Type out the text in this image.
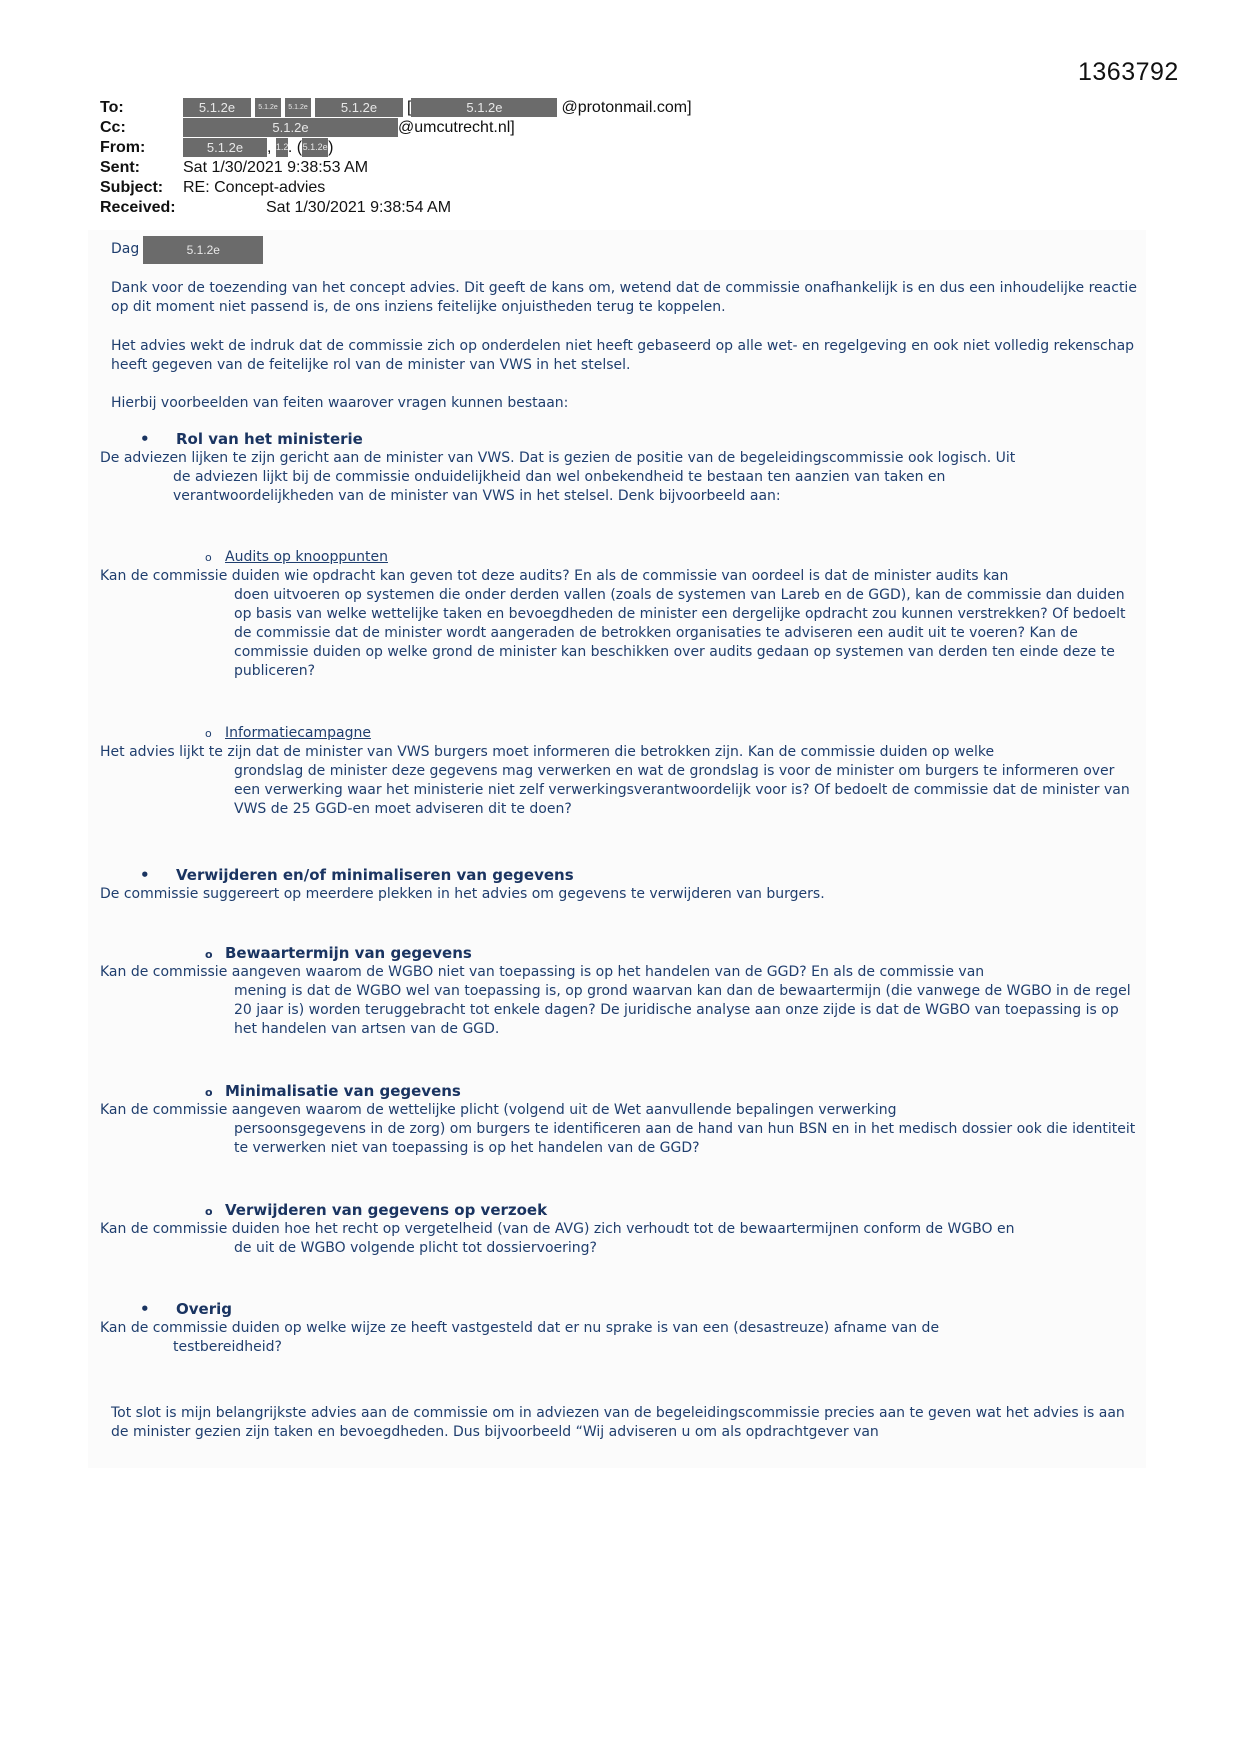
1363792
To:	5.1.2e	5.1.2e 5.1.2e	5.1.2e [	5.1.2e	@protonmail.com]
Cc:	5.1.2e	@umcutrecht.nl]
From:	5.1.2e , 1.2. (5.1.2e)
Sent:	Sat 1/30/2021 9:38:53 AM
Subject: RE: Concept-advies
Received:	Sat 1/30/2021 9:38:54 AM
Dag	5.1.2e
Dank voor de toezending van het concept advies. Dit geeft de kans om, wetend dat de commissie onafhankelijk is en dus een inhoudelijke reactie op dit moment niet passend is, de ons inziens feitelijke onjuistheden terug te koppelen.
Het advies wekt de indruk dat de commissie zich op onderdelen niet heeft gebaseerd op alle wet- en regelgeving en ook niet volledig rekenschap heeft gegeven van de feitelijke rol van de minister van VWS in het stelsel.
Hierbij voorbeelden van feiten waarover vragen kunnen bestaan:
• Rol van het ministerie
De adviezen lijken te zijn gericht aan de minister van VWS. Dat is gezien de positie van de begeleidingscommissie ook logisch. Uit
de adviezen lijkt bij de commissie onduidelijkheid dan wel onbekendheid te bestaan ten aanzien van taken en verantwoordelijkheden van de minister van VWS in het stelsel. Denk bijvoorbeeld aan:
o Audits op knooppunten
Kan de commissie duiden wie opdracht kan geven tot deze audits? En als de commissie van oordeel is dat de minister audits kan
doen uitvoeren op systemen die onder derden vallen (zoals de systemen van Lareb en de GGD), kan de commissie dan duiden op basis van welke wettelijke taken en bevoegdheden de minister een dergelijke opdracht zou kunnen verstrekken? Of bedoelt de commissie dat de minister wordt aangeraden de betrokken organisaties te adviseren een audit uit te voeren? Kan de commissie duiden op welke grond de minister kan beschikken over audits gedaan op systemen van derden ten einde deze te publiceren?
o Informatiecampagne
Het advies lijkt te zijn dat de minister van VWS burgers moet informeren die betrokken zijn. Kan de commissie duiden op welke
grondslag de minister deze gegevens mag verwerken en wat de grondslag is voor de minister om burgers te informeren over een verwerking waar het ministerie niet zelf verwerkingsverantwoordelijk voor is? Of bedoelt de commissie dat de minister van VWS de 25 GGD-en moet adviseren dit te doen?
• Verwijderen en/of minimaliseren van gegevens
De commissie suggereert op meerdere plekken in het advies om gegevens te verwijderen van burgers.
o Bewaartermijn van gegevens
Kan de commissie aangeven waarom de WGBO niet van toepassing is op het handelen van de GGD? En als de commissie van
mening is dat de WGBO wel van toepassing is, op grond waarvan kan dan de bewaartermijn (die vanwege de WGBO in de regel 20 jaar is) worden teruggebracht tot enkele dagen? De juridische analyse aan onze zijde is dat de WGBO van toepassing is op het handelen van artsen van de GGD.
o Minimalisatie van gegevens
Kan de commissie aangeven waarom de wettelijke plicht (volgend uit de Wet aanvullende bepalingen verwerking
persoonsgegevens in de zorg) om burgers te identificeren aan de hand van hun BSN en in het medisch dossier ook die identiteit te verwerken niet van toepassing is op het handelen van de GGD?
o Verwijderen van gegevens op verzoek
Kan de commissie duiden hoe het recht op vergetelheid (van de AVG) zich verhoudt tot de bewaartermijnen conform de WGBO en
de uit de WGBO volgende plicht tot dossiervoering?
• Overig
Kan de commissie duiden op welke wijze ze heeft vastgesteld dat er nu sprake is van een (desastreuze) afname van de
testbereidheid?
Tot slot is mijn belangrijkste advies aan de commissie om in adviezen van de begeleidingscommissie precies aan te geven wat het advies is aan de minister gezien zijn taken en bevoegdheden. Dus bijvoorbeeld “Wij adviseren u om als opdrachtgever van
